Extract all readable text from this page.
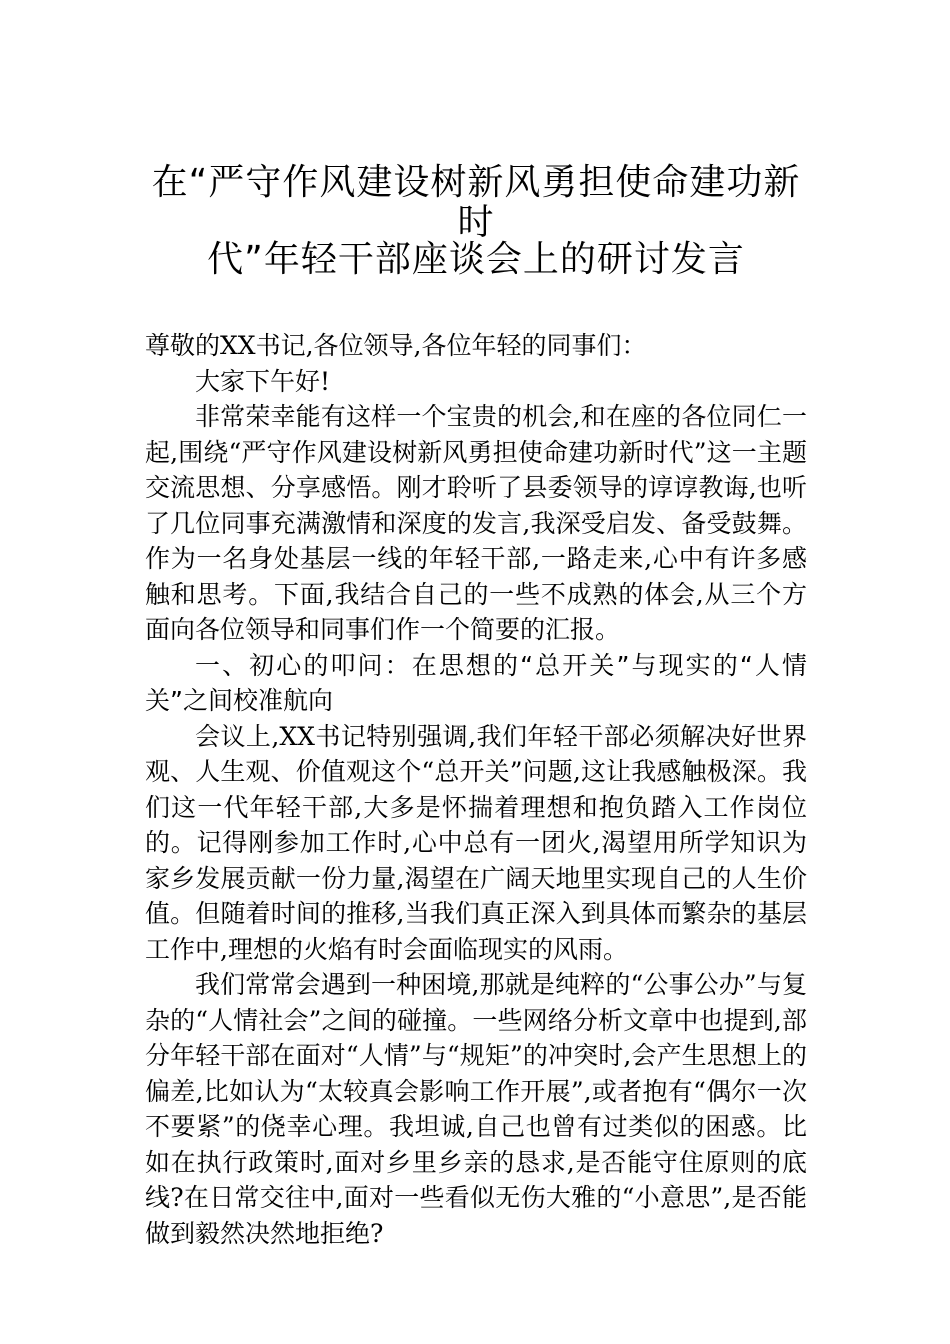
在“严守作风建设树新风勇担使命建功新时
代”年轻干部座谈会上的研讨发言

尊敬的XX书记,各位领导,各位年轻的同事们：

大家下午好!

非常荣幸能有这样一个宝贵的机会,和在座的各位同仁一起,围绕“严守作风建设树新风勇担使命建功新时代”这一主题交流思想、分享感悟。刚才聆听了县委领导的谆谆教诲,也听了几位同事充满激情和深度的发言,我深受启发、备受鼓舞。作为一名身处基层一线的年轻干部,一路走来,心中有许多感触和思考。下面,我结合自己的一些不成熟的体会,从三个方面向各位领导和同事们作一个简要的汇报。

一、初心的叩问：在思想的“总开关”与现实的“人情关”之间校准航向

会议上,XX书记特别强调,我们年轻干部必须解决好世界观、人生观、价值观这个“总开关”问题,这让我感触极深。我们这一代年轻干部,大多是怀揣着理想和抱负踏入工作岗位的。记得刚参加工作时,心中总有一团火,渴望用所学知识为家乡发展贡献一份力量,渴望在广阔天地里实现自己的人生价值。但随着时间的推移,当我们真正深入到具体而繁杂的基层工作中,理想的火焰有时会面临现实的风雨。

我们常常会遇到一种困境,那就是纯粹的“公事公办”与复杂的“人情社会”之间的碰撞。一些网络分析文章中也提到,部分年轻干部在面对“人情”与“规矩”的冲突时,会产生思想上的偏差,比如认为“太较真会影响工作开展”,或者抱有“偶尔一次不要紧”的侥幸心理。我坦诚,自己也曾有过类似的困惑。比如在执行政策时,面对乡里乡亲的恳求,是否能守住原则的底线?在日常交往中,面对一些看似无伤大雅的“小意思”,是否能做到毅然决然地拒绝?
